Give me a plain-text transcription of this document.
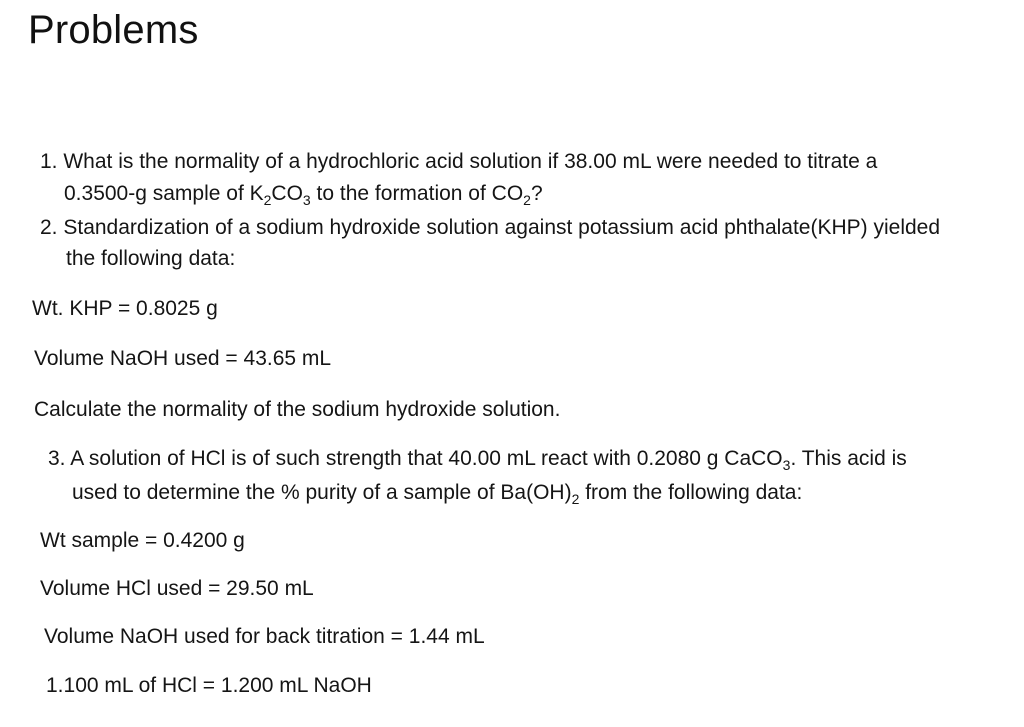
Problems
1. What is the normality of a hydrochloric acid solution if 38.00 mL were needed to titrate a
0.3500-g sample of $K_2CO_3$ to the formation of $CO_2$?
2. Standardization of a sodium hydroxide solution against potassium acid phthalate(KHP) yielded
the following data:
Wt. KHP = 0.8025 g
Volume NaOH used = 43.65 mL
Calculate the normality of the sodium hydroxide solution.
3. A solution of HCl is of such strength that 40.00 mL react with 0.2080 g CaCO$_3$. This acid is
used to determine the % purity of a sample of $Ba(OH)_2$ from the following data:
Wt sample = 0.4200 g
Volume HCl used = 29.50 mL
Volume NaOH used for back titration = 1.44 mL
1.100 mL of HCl = 1.200 mL NaOH
